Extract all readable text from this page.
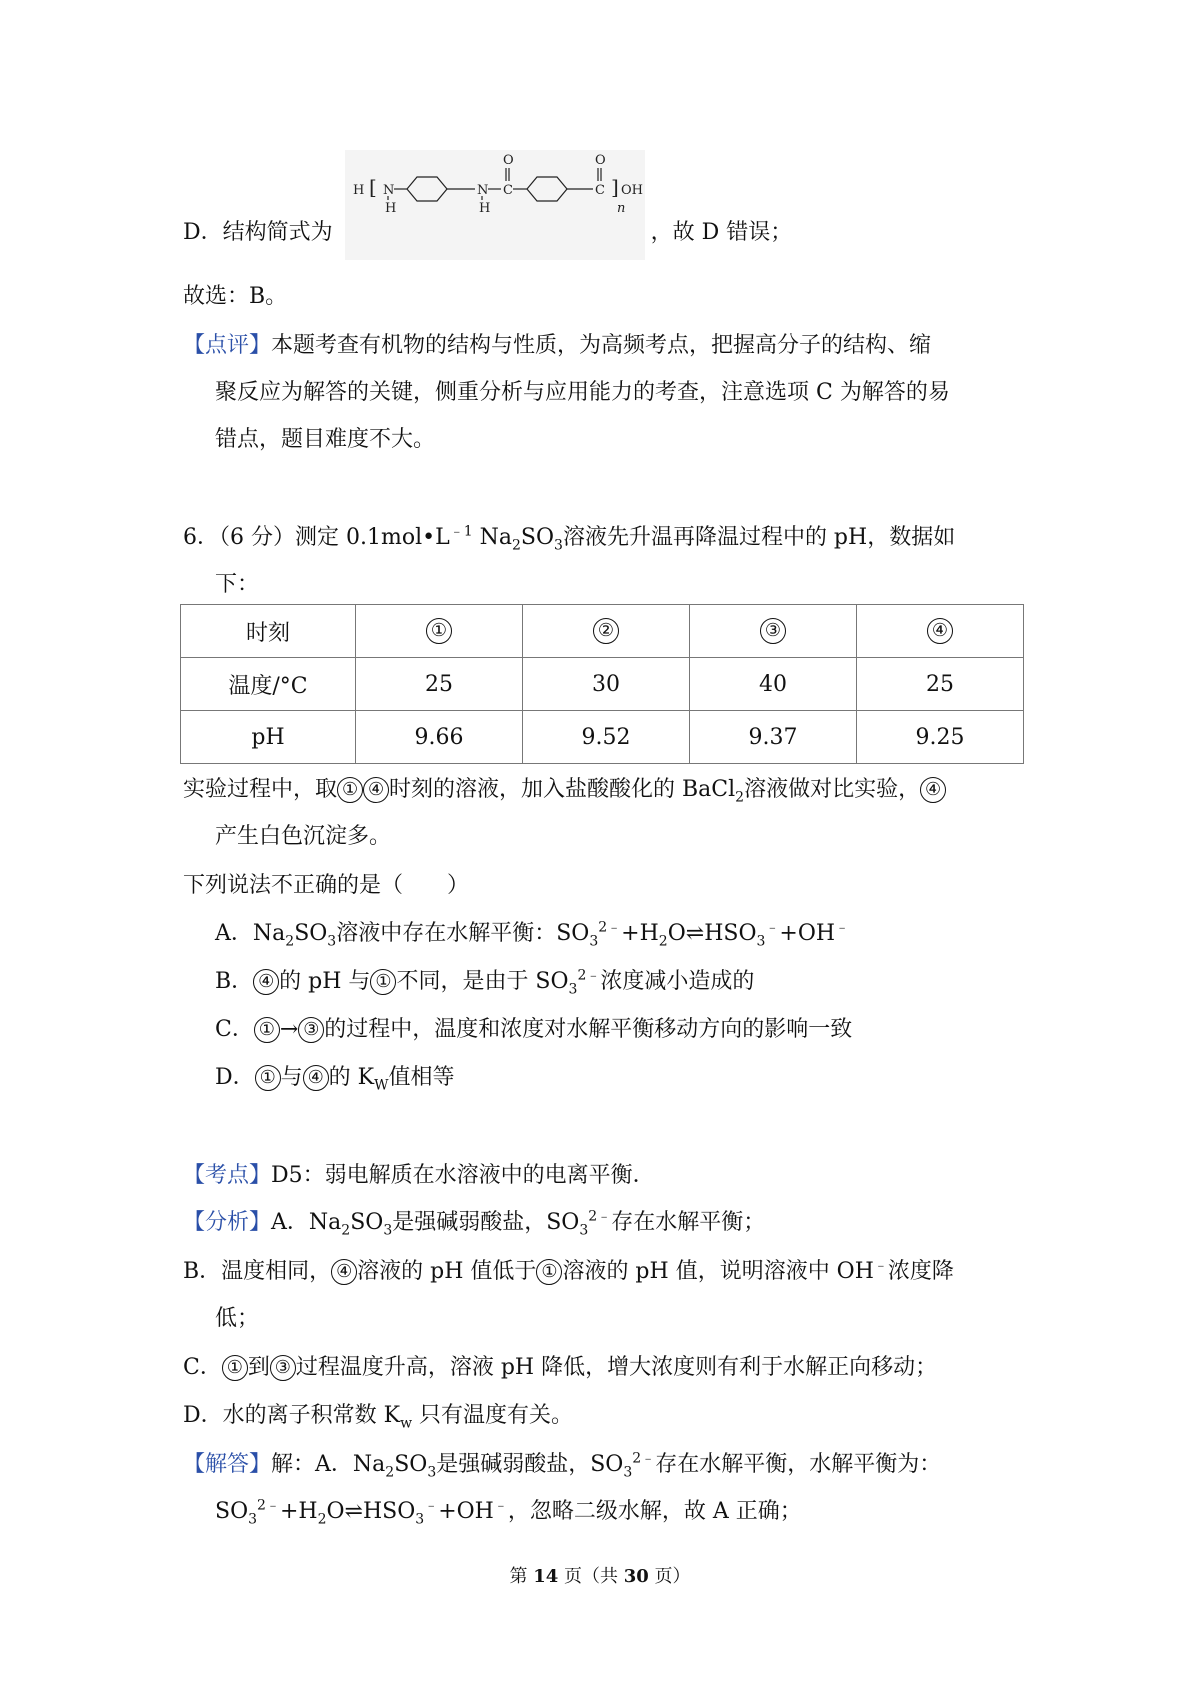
H [ N
H
N
H
C
O
C
O
] OH
n
D．结构简式为	，故 D 错误；
故选：B。
【点评】本题考查有机物的结构与性质，为高频考点，把握高分子的结构、缩
聚反应为解答的关键，侧重分析与应用能力的考查，注意选项 C 为解答的易
错点，题目难度不大。
6．（6 分）测定 $0.1mol•L^{﹣1}$ $Na_2SO_3$溶液先升温再降温过程中的 pH，数据如
下：
时刻	①	②	③	④
温度/°C	25	30	40	25
pH	9.66	9.52	9.37	9.25
实验过程中，取 ① ④ 时刻的溶液，加入盐酸酸化的 BaCl$_2$溶液做对比实验， ④
产生白色沉淀多。
下列说法不正确的是（　　）
A．$Na_2SO_3$溶液中存在水解平衡：$SO_3^{2﹣}+H_2O\rightleftharpoons HSO_3^﹣+OH^﹣$
B． ④ 的 pH 与 ① 不同，是由于 $SO_3^{2﹣}$浓度减小造成的
C． ① → ③ 的过程中，温度和浓度对水解平衡移动方向的影响一致
D． ① 与 ④ 的 $K_W$值相等
【考点】D5：弱电解质在水溶液中的电离平衡．
【分析】A．$Na_2SO_3$是强碱弱酸盐，$SO_3^{2﹣}$存在水解平衡；
B．温度相同， ④ 溶液的 pH 值低于 ① 溶液的 pH 值，说明溶液中 OH﹣浓度降
低；
C． ① 到 ③ 过程温度升高，溶液 pH 降低，增大浓度则有利于水解正向移动；
D．水的离子积常数 $K_w$ 只有温度有关。
【解答】解：A．$Na_2SO_3$是强碱弱酸盐，$SO_3^{2﹣}$存在水解平衡，水解平衡为：
$SO_3^{2﹣}+H_2O\rightleftharpoons HSO_3^﹣+OH^﹣$，忽略二级水解，故 A 正确；
第 14 页（共 30 页）
